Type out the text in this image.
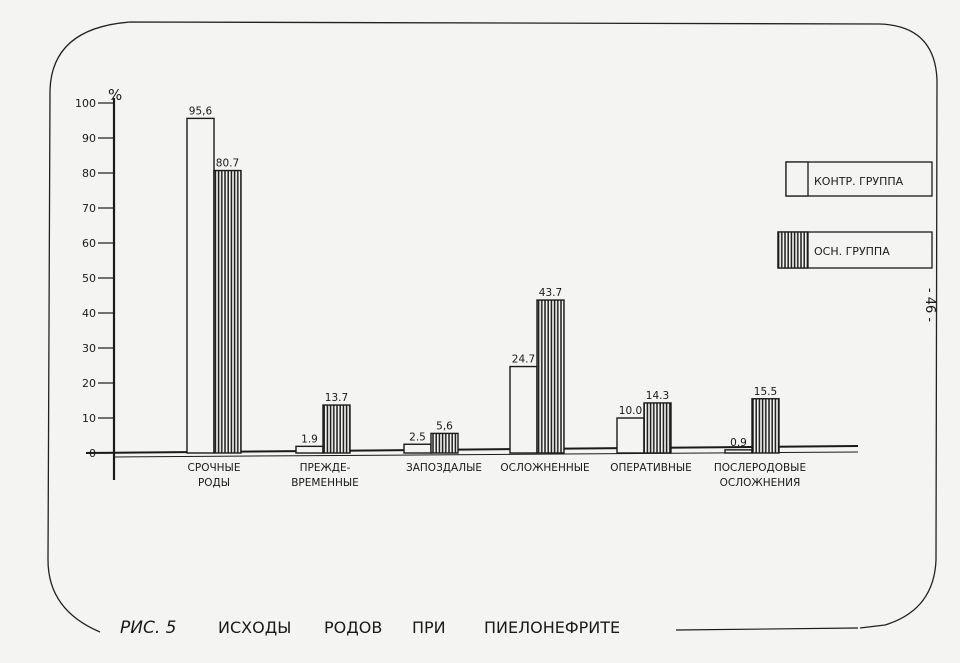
- 46 -
%
0
10
20
30
40
50
60
70
80
90
100
95,6
1.9	2.5
24.7
10.0
0.9
80.7
13.7
5,6
43.7
14.3	15.5
СРОЧНЫЕ
РОДЫ
ПРЕЖДЕ-
ВРЕМЕННЫЕ
ЗАПОЗДАЛЫЕ ОСЛОЖНЕННЫЕ ОПЕРАТИВНЫЕ ПОСЛЕРОДОВЫЕ
ОСЛОЖНЕНИЯ
КОНТР. ГРУППА
ОСН. ГРУППА
РИС. 5	ИСХОДЫ РОДОВ ПРИ ПИЕЛОНЕФРИТЕ
